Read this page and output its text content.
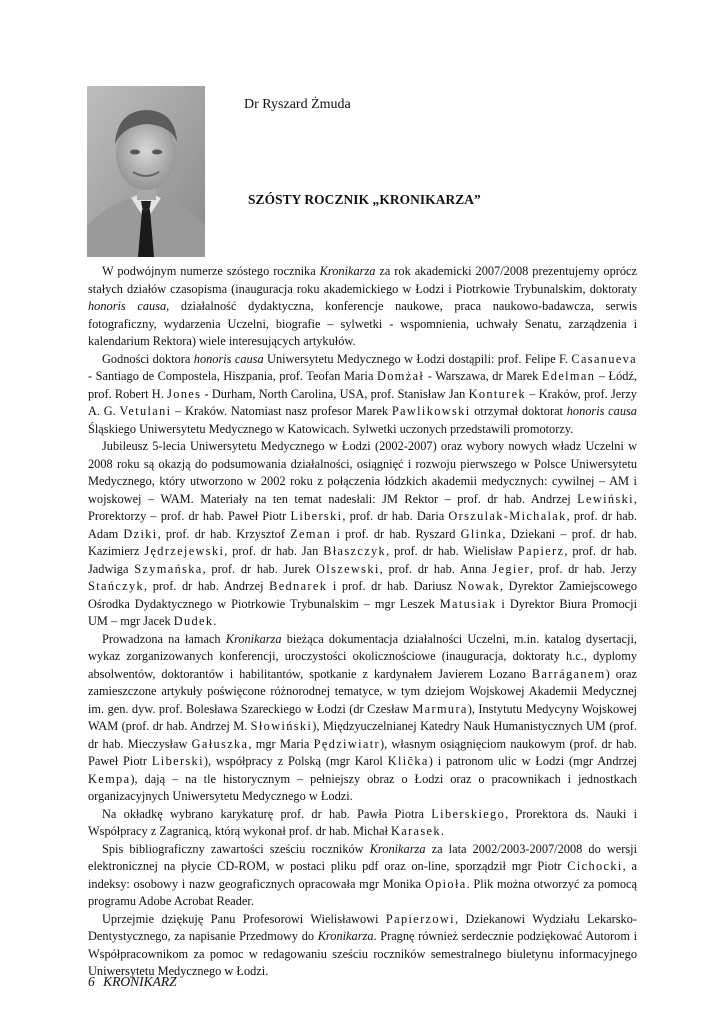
Dr Ryszard Żmuda
SZÓSTY ROCZNIK „KRONIKARZA”

W podwójnym numerze szóstego rocznika Kronikarza za rok akademicki 2007/2008 prezentujemy oprócz stałych działów czasopisma (inauguracja roku akademickiego w Łodzi i Piotrkowie Trybunalskim, doktoraty honoris causa, działalność dydaktyczna, konferencje naukowe, praca naukowo-badawcza, serwis fotograficzny, wydarzenia Uczelni, biografie – sylwetki - wspomnienia, uchwały Senatu, zarządzenia i kalendarium Rektora) wiele interesujących artykułów.

Godności doktora honoris causa Uniwersytetu Medycznego w Łodzi dostąpili: prof. Felipe F. Casanueva - Santiago de Compostela, Hiszpania, prof. Teofan Maria Domżał - Warszawa, dr Marek Edelman – Łódź, prof. Robert H. Jones - Durham, North Carolina, USA, prof. Stanisław Jan Konturek – Kraków, prof. Jerzy A. G. Vetulani – Kraków. Natomiast nasz profesor Marek Pawlikowski otrzymał doktorat honoris causa Śląskiego Uniwersytetu Medycznego w Katowicach. Sylwetki uczonych przedstawili promotorzy.

Jubileusz 5-lecia Uniwersytetu Medycznego w Łodzi (2002-2007) oraz wybory nowych władz Uczelni w 2008 roku są okazją do podsumowania działalności, osiągnięć i rozwoju pierwszego w Polsce Uniwersytetu Medycznego, który utworzono w 2002 roku z połączenia łódzkich akademii medycznych: cywilnej – AM i wojskowej – WAM. Materiały na ten temat nadesłali: JM Rektor – prof. dr hab. Andrzej Lewiński, Prorektorzy – prof. dr hab. Paweł Piotr Liberski, prof. dr hab. Daria Orszulak-Michalak, prof. dr hab. Adam Dziki, prof. dr hab. Krzysztof Zeman i prof. dr hab. Ryszard Glinka, Dziekani – prof. dr hab. Kazimierz Jędrzejewski, prof. dr hab. Jan Błaszczyk, prof. dr hab. Wielisław Papierz, prof. dr hab. Jadwiga Szymańska, prof. dr hab. Jurek Olszewski, prof. dr hab. Anna Jegier, prof. dr hab. Jerzy Stańczyk, prof. dr hab. Andrzej Bednarek i prof. dr hab. Dariusz Nowak, Dyrektor Zamiejscowego Ośrodka Dydaktycznego w Piotrkowie Trybunalskim – mgr Leszek Matusiak i Dyrektor Biura Promocji UM – mgr Jacek Dudek.

Prowadzona na łamach Kronikarza bieżąca dokumentacja działalności Uczelni, m.in. katalog dysertacji, wykaz zorganizowanych konferencji, uroczystości okolicznościowe (inauguracja, doktoraty h.c., dyplomy absolwentów, doktorantów i habilitantów, spotkanie z kardynałem Javierem Lozano Barráganem) oraz zamieszczone artykuły poświęcone różnorodnej tematyce, w tym dziejom Wojskowej Akademii Medycznej im. gen. dyw. prof. Bolesława Szareckiego w Łodzi (dr Czesław Marmura), Instytutu Medycyny Wojskowej WAM (prof. dr hab. Andrzej M. Słowiński), Międzyuczelnianej Katedry Nauk Humanistycznych UM (prof. dr hab. Mieczysław Gałuszka, mgr Maria Pędziwiatr), własnym osiągnięciom naukowym (prof. dr hab. Paweł Piotr Liberski), współpracy z Polską (mgr Karol Klička) i patronom ulic w Łodzi (mgr Andrzej Kempa), dają – na tle historycznym – pełniejszy obraz o Łodzi oraz o pracownikach i jednostkach organizacyjnych Uniwersytetu Medycznego w Łodzi.

Na okładkę wybrano karykaturę prof. dr hab. Pawła Piotra Liberskiego, Prorektora ds. Nauki i Współpracy z Zagranicą, którą wykonał prof. dr hab. Michał Karasek.

Spis bibliograficzny zawartości sześciu roczników Kronikarza za lata 2002/2003-2007/2008 do wersji elektronicznej na płycie CD-ROM, w postaci pliku pdf oraz on-line, sporządził mgr Piotr Cichocki, a indeksy: osobowy i nazw geograficznych opracowała mgr Monika Opioła. Plik można otworzyć za pomocą programu Adobe Acrobat Reader.

Uprzejmie dziękuję Panu Profesorowi Wielisławowi Papierzowi, Dziekanowi Wydziału Lekarsko-Dentystycznego, za napisanie Przedmowy do Kronikarza. Pragnę również serdecznie podziękować Autorom i Współpracownikom za pomoc w redagowaniu sześciu roczników semestralnego biuletynu informacyjnego Uniwersytetu Medycznego w Łodzi.

6 KRONIKARZ
